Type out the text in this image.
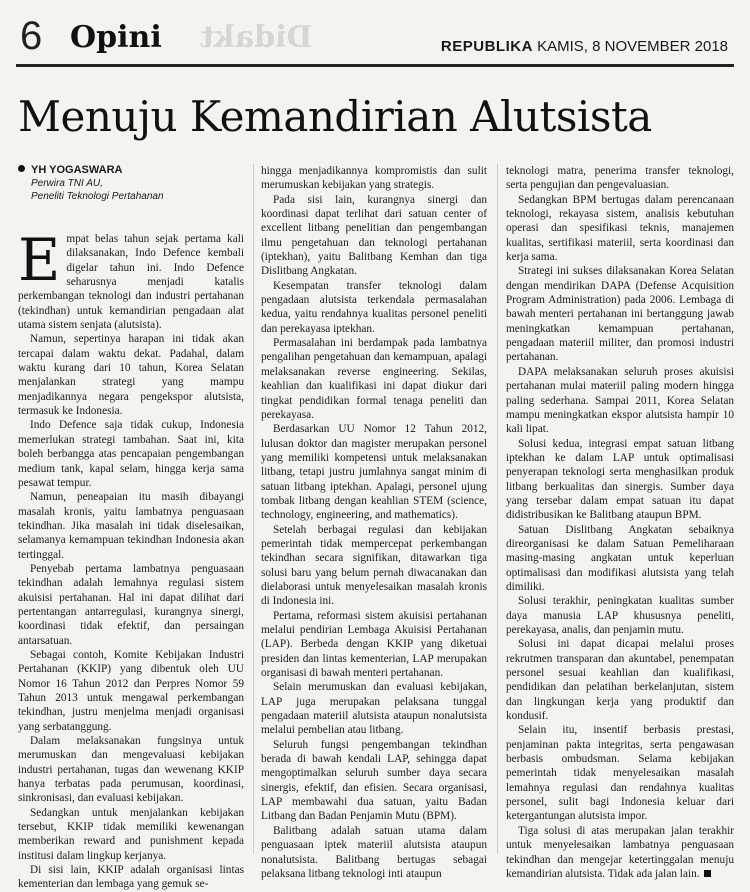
6 Opini Didakt	REPUBLIKA KAMIS, 8 NOVEMBER 2018
Menuju Kemandirian Alutsista
YH YOGASWARA
Perwira TNI AU,
Peneliti Teknologi Pertahanan
E mpat belas tahun sejak pertama kali dilaksanakan, Indo Defence kembali digelar tahun ini. Indo Defence seharusnya menjadi katalis perkembangan teknologi dan industri pertahanan (tekindhan) untuk kemandirian pengadaan alat utama sistem senjata (alutsista).

Namun, sepertinya harapan ini tidak akan tercapai dalam waktu dekat. Padahal, dalam waktu kurang dari 10 tahun, Korea Selatan menjalankan strategi yang mampu menjadikannya negara pengekspor alutsista, termasuk ke Indonesia.

Indo Defence saja tidak cukup, Indonesia memerlukan strategi tambahan. Saat ini, kita boleh berbangga atas pencapaian pengembangan medium tank, kapal selam, hingga kerja sama pesawat tempur.

Namun, peneapaian itu masih dibayangi masalah kronis, yaitu lambatnya penguasaan tekindhan. Jika masalah ini tidak diselesaikan, selamanya kemampuan tekindhan Indonesia akan tertinggal.

Penyebab pertama lambatnya penguasaan tekindhan adalah lemahnya regulasi sistem akuisisi pertahanan. Hal ini dapat dilihat dari pertentangan antarregulasi, kurangnya sinergi, koordinasi tidak efektif, dan persaingan antarsatuan.

Sebagai contoh, Komite Kebijakan Industri Pertahanan (KKIP) yang dibentuk oleh UU Nomor 16 Tahun 2012 dan Perpres Nomor 59 Tahun 2013 untuk mengawal perkembangan tekindhan, justru menjelma menjadi organisasi yang serbatanggung.

Dalam melaksanakan fungsinya untuk merumuskan dan mengevaluasi kebijakan industri pertahanan, tugas dan wewenang KKIP hanya terbatas pada perumusan, koordinasi, sinkronisasi, dan evaluasi kebijakan.

Sedangkan untuk menjalankan kebijakan tersebut, KKIP tidak memiliki kewenangan memberikan reward and punishment kepada institusi dalam lingkup kerjanya.

Di sisi lain, KKIP adalah organisasi lintas kementerian dan lembaga yang gemuk se-

hingga menjadikannya kompromistis dan sulit merumuskan kebijakan yang strategis.

Pada sisi lain, kurangnya sinergi dan koordinasi dapat terlihat dari satuan center of excellent litbang penelitian dan pengembangan ilmu pengetahuan dan teknologi pertahanan (iptekhan), yaitu Balitbang Kemhan dan tiga Dislitbang Angkatan.

Kesempatan transfer teknologi dalam pengadaan alutsista terkendala permasalahan kedua, yaitu rendahnya kualitas personel peneliti dan perekayasa iptekhan.

Permasalahan ini berdampak pada lambatnya pengalihan pengetahuan dan kemampuan, apalagi melaksanakan reverse engineering. Sekilas, keahlian dan kualifikasi ini dapat diukur dari tingkat pendidikan formal tenaga peneliti dan perekayasa.

Berdasarkan UU Nomor 12 Tahun 2012, lulusan doktor dan magister merupakan personel yang memiliki kompetensi untuk melaksanakan litbang, tetapi justru jumlahnya sangat minim di satuan litbang iptekhan. Apalagi, personel ujung tombak litbang dengan keahlian STEM (science, technology, engineering, and mathematics).

Setelah berbagai regulasi dan kebijakan pemerintah tidak mempercepat perkembangan tekindhan secara signifikan, ditawarkan tiga solusi baru yang belum pernah diwacanakan dan dielaborasi untuk menyelesaikan masalah kronis di Indonesia ini.

Pertama, reformasi sistem akuisisi pertahanan melalui pendirian Lembaga Akuisisi Pertahanan (LAP). Berbeda dengan KKIP yang diketuai presiden dan lintas kementerian, LAP merupakan organisasi di bawah menteri pertahanan.

Selain merumuskan dan evaluasi kebijakan, LAP juga merupakan pelaksana tunggal pengadaan materiil alutsista ataupun nonalutsista melalui pembelian atau litbang.

Seluruh fungsi pengembangan tekindhan berada di bawah kendali LAP, sehingga dapat mengoptimalkan seluruh sumber daya secara sinergis, efektif, dan efisien. Secara organisasi, LAP membawahi dua satuan, yaitu Badan Litbang dan Badan Penjamin Mutu (BPM).

Balitbang adalah satuan utama dalam penguasaan iptek materiil alutsista ataupun nonalutsista. Balitbang bertugas sebagai pelaksana litbang teknologi inti ataupun

teknologi matra, penerima transfer teknologi, serta pengujian dan pengevaluasian.

Sedangkan BPM bertugas dalam perencanaan teknologi, rekayasa sistem, analisis kebutuhan operasi dan spesifikasi teknis, manajemen kualitas, sertifikasi materiil, serta koordinasi dan kerja sama.

Strategi ini sukses dilaksanakan Korea Selatan dengan mendirikan DAPA (Defense Acquisition Program Administration) pada 2006. Lembaga di bawah menteri pertahanan ini bertanggung jawab meningkatkan kemampuan pertahanan, pengadaan materiil militer, dan promosi industri pertahanan.

DAPA melaksanakan seluruh proses akuisisi pertahanan mulai materiil paling modern hingga paling sederhana. Sampai 2011, Korea Selatan mampu meningkatkan ekspor alutsista hampir 10 kali lipat.

Solusi kedua, integrasi empat satuan litbang iptekhan ke dalam LAP untuk optimalisasi penyerapan teknologi serta menghasilkan produk litbang berkualitas dan sinergis. Sumber daya yang tersebar dalam empat satuan itu dapat didistribusikan ke Balitbang ataupun BPM.

Satuan Dislitbang Angkatan sebaiknya direorganisasi ke dalam Satuan Pemeliharaan masing-masing angkatan untuk keperluan optimalisasi dan modifikasi alutsista yang telah dimiliki.

Solusi terakhir, peningkatan kualitas sumber daya manusia LAP khususnya peneliti, perekayasa, analis, dan penjamin mutu.

Solusi ini dapat dicapai melalui proses rekrutmen transparan dan akuntabel, penempatan personel sesuai keahlian dan kualifikasi, pendidikan dan pelatihan berkelanjutan, sistem dan lingkungan kerja yang produktif dan kondusif.

Selain itu, insentif berbasis prestasi, penjaminan pakta integritas, serta pengawasan berbasis ombudsman. Selama kebijakan pemerintah tidak menyelesaikan masalah lemahnya regulasi dan rendahnya kualitas personel, sulit bagi Indonesia keluar dari ketergantungan alutsista impor.

Tiga solusi di atas merupakan jalan terakhir untuk menyelesaikan lambatnya penguasaan tekindhan dan mengejar ketertinggalan menuju kemandirian alutsista. Tidak ada jalan lain.
